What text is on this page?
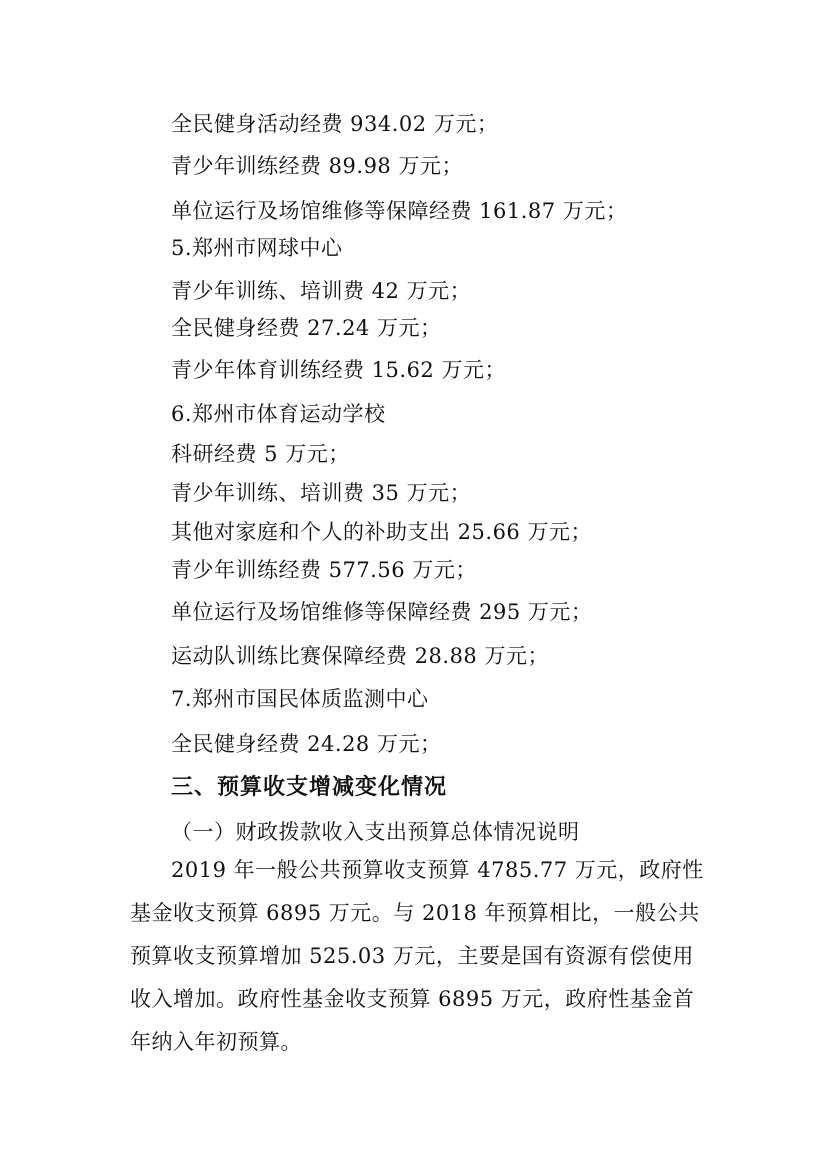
全民健身活动经费 934.02 万元；
青少年训练经费 89.98 万元；
单位运行及场馆维修等保障经费 161.87 万元；
5.郑州市网球中心
青少年训练、培训费 42 万元；
全民健身经费 27.24 万元；
青少年体育训练经费 15.62 万元；
6.郑州市体育运动学校
科研经费 5 万元；
青少年训练、培训费 35 万元；
其他对家庭和个人的补助支出 25.66 万元；
青少年训练经费 577.56 万元；
单位运行及场馆维修等保障经费 295 万元；
运动队训练比赛保障经费 28.88 万元；
7.郑州市国民体质监测中心
全民健身经费 24.28 万元；
三、预算收支增减变化情况
（一）财政拨款收入支出预算总体情况说明
2019 年一般公共预算收支预算 4785.77 万元，政府性
基金收支预算 6895 万元。与 2018 年预算相比，一般公共
预算收支预算增加 525.03 万元，主要是国有资源有偿使用
收入增加。政府性基金收支预算 6895 万元，政府性基金首
年纳入年初预算。
